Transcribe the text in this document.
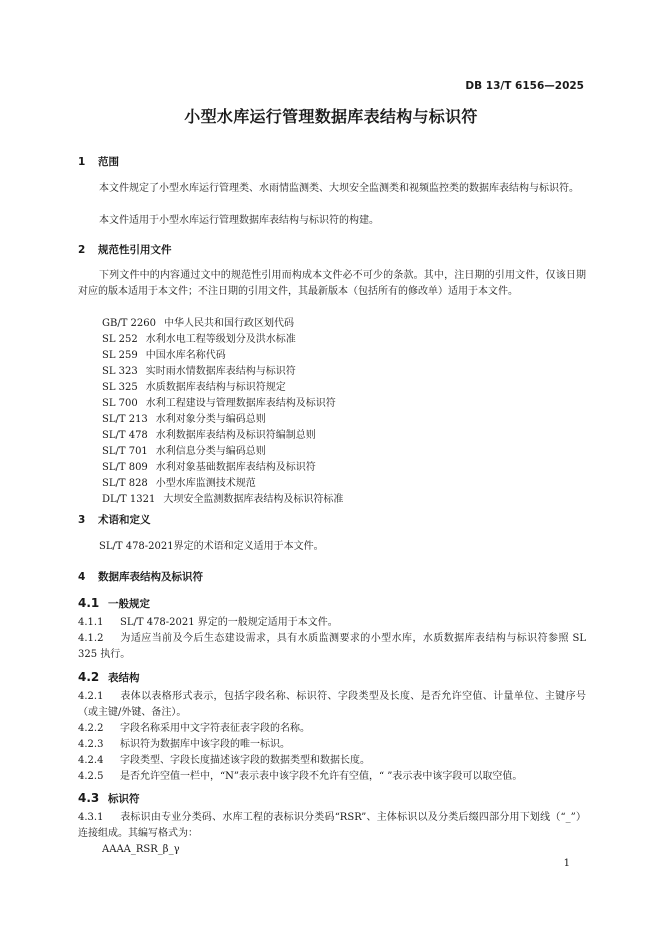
DB 13/T 6156—2025
小型水库运行管理数据库表结构与标识符
1 范围
本文件规定了小型水库运行管理类、水雨情监测类、大坝安全监测类和视频监控类的数据库表结构与标识符。
本文件适用于小型水库运行管理数据库表结构与标识符的构建。
2 规范性引用文件
下列文件中的内容通过文中的规范性引用而构成本文件必不可少的条款。其中，注日期的引用文件，仅该日期对应的版本适用于本文件；不注日期的引用文件，其最新版本（包括所有的修改单）适用于本文件。
GB/T 2260 中华人民共和国行政区划代码
SL 252 水利水电工程等级划分及洪水标准
SL 259 中国水库名称代码
SL 323 实时雨水情数据库表结构与标识符
SL 325 水质数据库表结构与标识符规定
SL 700 水利工程建设与管理数据库表结构及标识符
SL/T 213 水利对象分类与编码总则
SL/T 478 水利数据库表结构及标识符编制总则
SL/T 701 水利信息分类与编码总则
SL/T 809 水利对象基础数据库表结构及标识符
SL/T 828 小型水库监测技术规范
DL/T 1321 大坝安全监测数据库表结构及标识符标准
3 术语和定义
SL/T 478-2021界定的术语和定义适用于本文件。
4 数据库表结构及标识符
4.1 一般规定
4.1.1 SL/T 478-2021 界定的一般规定适用于本文件。
4.1.2 为适应当前及今后生态建设需求，具有水质监测要求的小型水库，水质数据库表结构与标识符参照 SL 325 执行。
4.2 表结构
4.2.1 表体以表格形式表示，包括字段名称、标识符、字段类型及长度、是否允许空值、计量单位、主键序号（或主键/外键、备注）。
4.2.2 字段名称采用中文字符表征表字段的名称。
4.2.3 标识符为数据库中该字段的唯一标识。
4.2.4 字段类型、字段长度描述该字段的数据类型和数据长度。
4.2.5 是否允许空值一栏中，“N”表示表中该字段不允许有空值，“ ”表示表中该字段可以取空值。
4.3 标识符
4.3.1 表标识由专业分类码、水库工程的表标识分类码“RSR”、主体标识以及分类后缀四部分用下划线（“_”）连接组成。其编写格式为：
AAAA_RSR_β_γ
1
